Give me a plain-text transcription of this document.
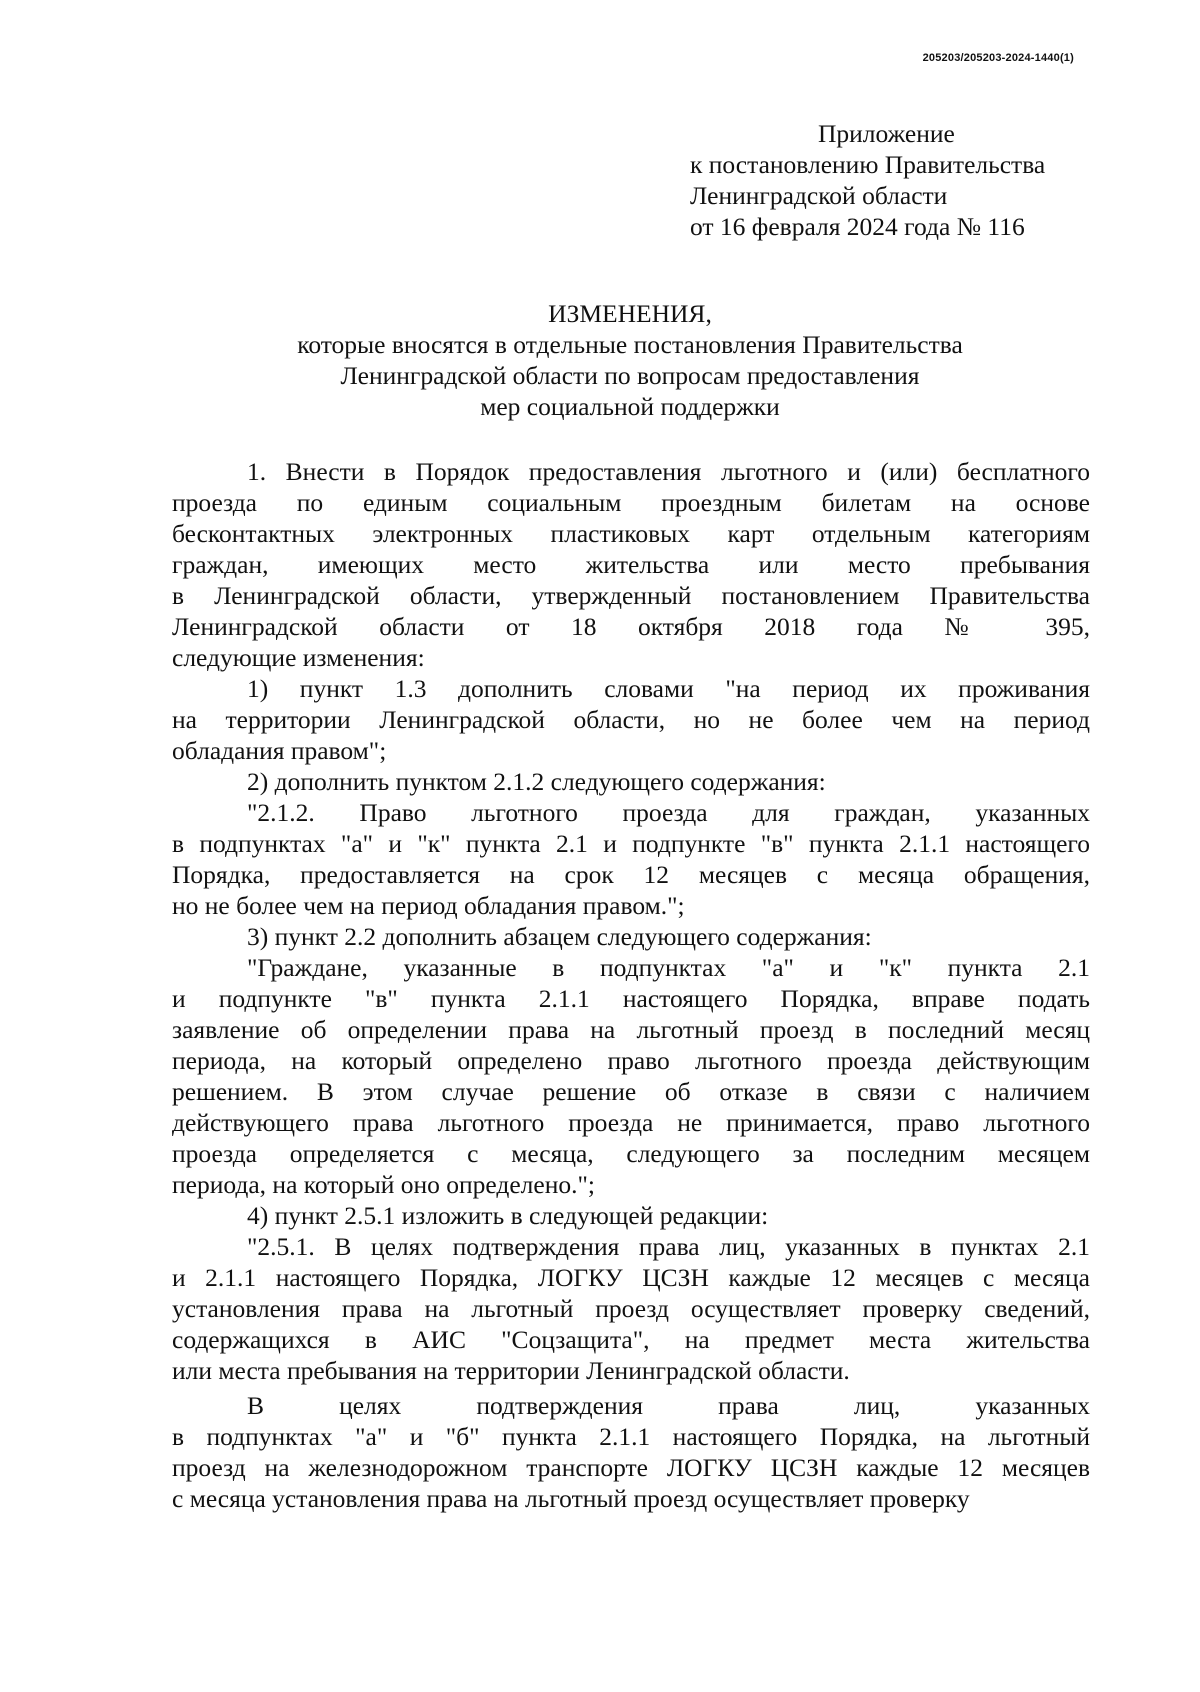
205203/205203-2024-1440(1)
Приложение
к постановлению Правительства
Ленинградской области
от 16 февраля 2024 года № 116
ИЗМЕНЕНИЯ,
которые вносятся в отдельные постановления Правительства
Ленинградской области по вопросам предоставления
мер социальной поддержки
1. Внести в Порядок предоставления льготного и (или) бесплатного
проезда по единым социальным проездным билетам на основе
бесконтактных электронных пластиковых карт отдельным категориям
граждан, имеющих место жительства или место пребывания
в Ленинградской области, утвержденный постановлением Правительства
Ленинградской области от 18 октября 2018 года № 395,
следующие изменения:
1) пункт 1.3 дополнить словами "на период их проживания
на территории Ленинградской области, но не более чем на период
обладания правом";
2) дополнить пунктом 2.1.2 следующего содержания:
"2.1.2. Право льготного проезда для граждан, указанных
в подпунктах "а" и "к" пункта 2.1 и подпункте "в" пункта 2.1.1 настоящего
Порядка, предоставляется на срок 12 месяцев с месяца обращения,
но не более чем на период обладания правом.";
3) пункт 2.2 дополнить абзацем следующего содержания:
"Граждане, указанные в подпунктах "а" и "к" пункта 2.1
и подпункте "в" пункта 2.1.1 настоящего Порядка, вправе подать
заявление об определении права на льготный проезд в последний месяц
периода, на который определено право льготного проезда действующим
решением. В этом случае решение об отказе в связи с наличием
действующего права льготного проезда не принимается, право льготного
проезда определяется с месяца, следующего за последним месяцем
периода, на который оно определено.";
4) пункт 2.5.1 изложить в следующей редакции:
"2.5.1. В целях подтверждения права лиц, указанных в пунктах 2.1
и 2.1.1 настоящего Порядка, ЛОГКУ ЦСЗН каждые 12 месяцев с месяца
установления права на льготный проезд осуществляет проверку сведений,
содержащихся в АИС "Соцзащита", на предмет места жительства
или места пребывания на территории Ленинградской области.
В целях подтверждения права лиц, указанных
в подпунктах "а" и "б" пункта 2.1.1 настоящего Порядка, на льготный
проезд на железнодорожном транспорте ЛОГКУ ЦСЗН каждые 12 месяцев
с месяца установления права на льготный проезд осуществляет проверку
